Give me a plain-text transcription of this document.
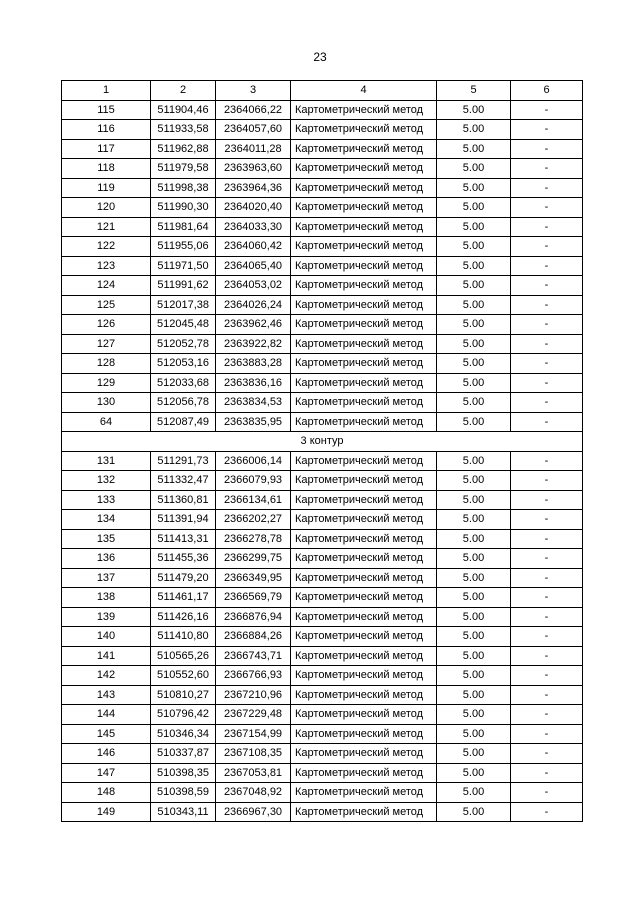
23
1	2	3	4	5	6
115	511904,46	2364066,22	Картометрический метод	5.00	-
116	511933,58	2364057,60	Картометрический метод	5.00	-
117	511962,88	2364011,28	Картометрический метод	5.00	-
118	511979,58	2363963,60	Картометрический метод	5.00	-
119	511998,38	2363964,36	Картометрический метод	5.00	-
120	511990,30	2364020,40	Картометрический метод	5.00	-
121	511981,64	2364033,30	Картометрический метод	5.00	-
122	511955,06	2364060,42	Картометрический метод	5.00	-
123	511971,50	2364065,40	Картометрический метод	5.00	-
124	511991,62	2364053,02	Картометрический метод	5.00	-
125	512017,38	2364026,24	Картометрический метод	5.00	-
126	512045,48	2363962,46	Картометрический метод	5.00	-
127	512052,78	2363922,82	Картометрический метод	5.00	-
128	512053,16	2363883,28	Картометрический метод	5.00	-
129	512033,68	2363836,16	Картометрический метод	5.00	-
130	512056,78	2363834,53	Картометрический метод	5.00	-
64	512087,49	2363835,95	Картометрический метод	5.00	-
3 контур					
131	511291,73	2366006,14	Картометрический метод	5.00	-
132	511332,47	2366079,93	Картометрический метод	5.00	-
133	511360,81	2366134,61	Картометрический метод	5.00	-
134	511391,94	2366202,27	Картометрический метод	5.00	-
135	511413,31	2366278,78	Картометрический метод	5.00	-
136	511455,36	2366299,75	Картометрический метод	5.00	-
137	511479,20	2366349,95	Картометрический метод	5.00	-
138	511461,17	2366569,79	Картометрический метод	5.00	-
139	511426,16	2366876,94	Картометрический метод	5.00	-
140	511410,80	2366884,26	Картометрический метод	5.00	-
141	510565,26	2366743,71	Картометрический метод	5.00	-
142	510552,60	2366766,93	Картометрический метод	5.00	-
143	510810,27	2367210,96	Картометрический метод	5.00	-
144	510796,42	2367229,48	Картометрический метод	5.00	-
145	510346,34	2367154,99	Картометрический метод	5.00	-
146	510337,87	2367108,35	Картометрический метод	5.00	-
147	510398,35	2367053,81	Картометрический метод	5.00	-
148	510398,59	2367048,92	Картометрический метод	5.00	-
149	510343,11	2366967,30	Картометрический метод	5.00	-
